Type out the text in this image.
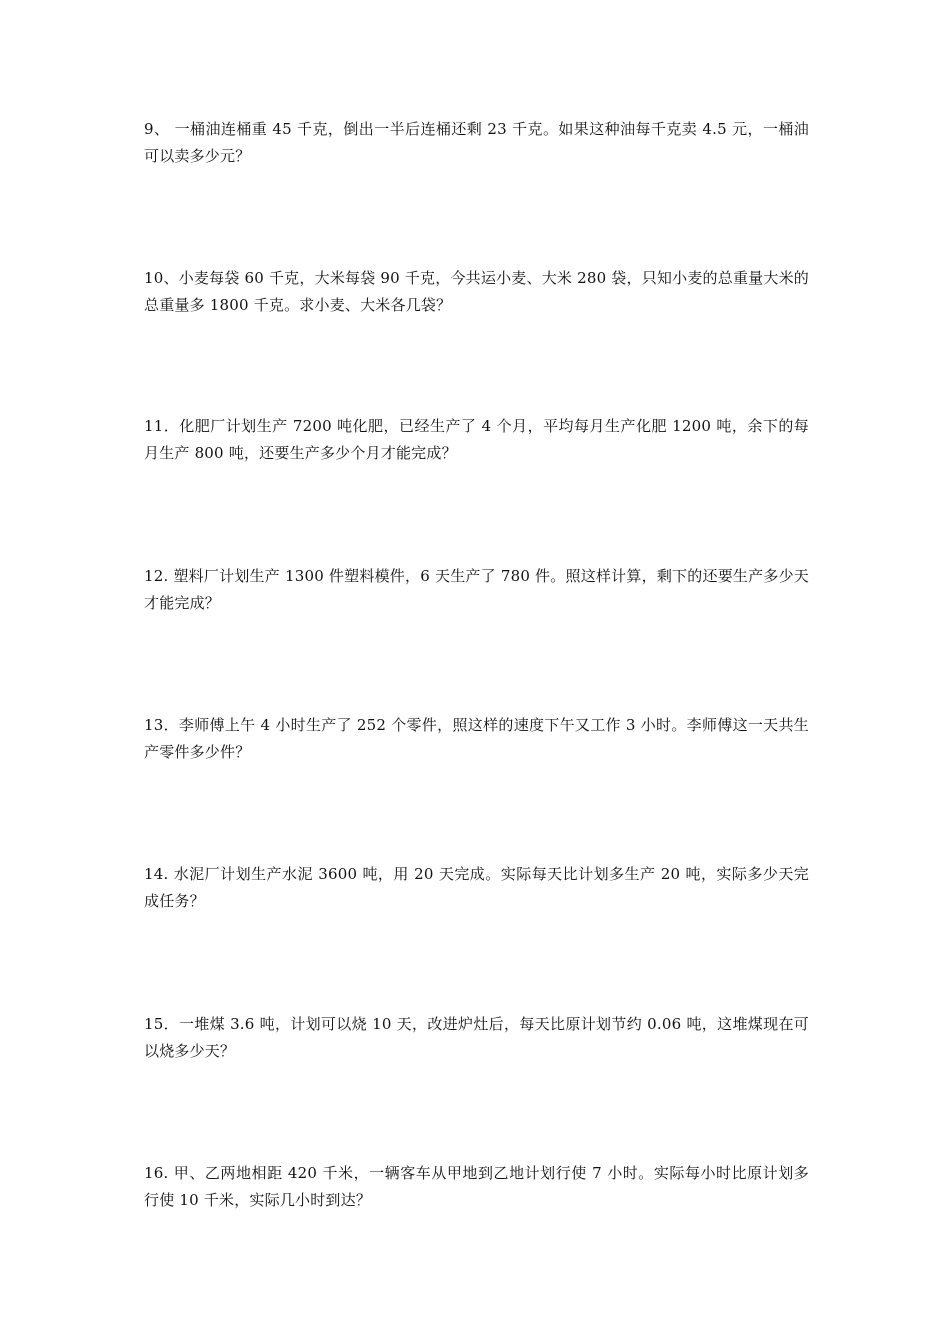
9、 一桶油连桶重 45 千克，倒出一半后连桶还剩 23 千克。如果这种油每千克卖 4.5 元，一桶油可以卖多少元？

10、小麦每袋 60 千克，大米每袋 90 千克，今共运小麦、大米 280 袋，只知小麦的总重量大米的总重量多 1800 千克。求小麦、大米各几袋？

11．化肥厂计划生产 7200 吨化肥，已经生产了 4 个月，平均每月生产化肥 1200 吨，余下的每月生产 800 吨，还要生产多少个月才能完成？

12. 塑料厂计划生产 1300 件塑料模件，6 天生产了 780 件。照这样计算，剩下的还要生产多少天才能完成？

13．李师傅上午 4 小时生产了 252 个零件，照这样的速度下午又工作 3 小时。李师傅这一天共生产零件多少件？

14. 水泥厂计划生产水泥 3600 吨，用 20 天完成。实际每天比计划多生产 20 吨，实际多少天完成任务？

15．一堆煤 3.6 吨，计划可以烧 10 天，改进炉灶后，每天比原计划节约 0.06 吨，这堆煤现在可以烧多少天？

16. 甲、乙两地相距 420 千米，一辆客车从甲地到乙地计划行使 7 小时。实际每小时比原计划多行使 10 千米，实际几小时到达？
